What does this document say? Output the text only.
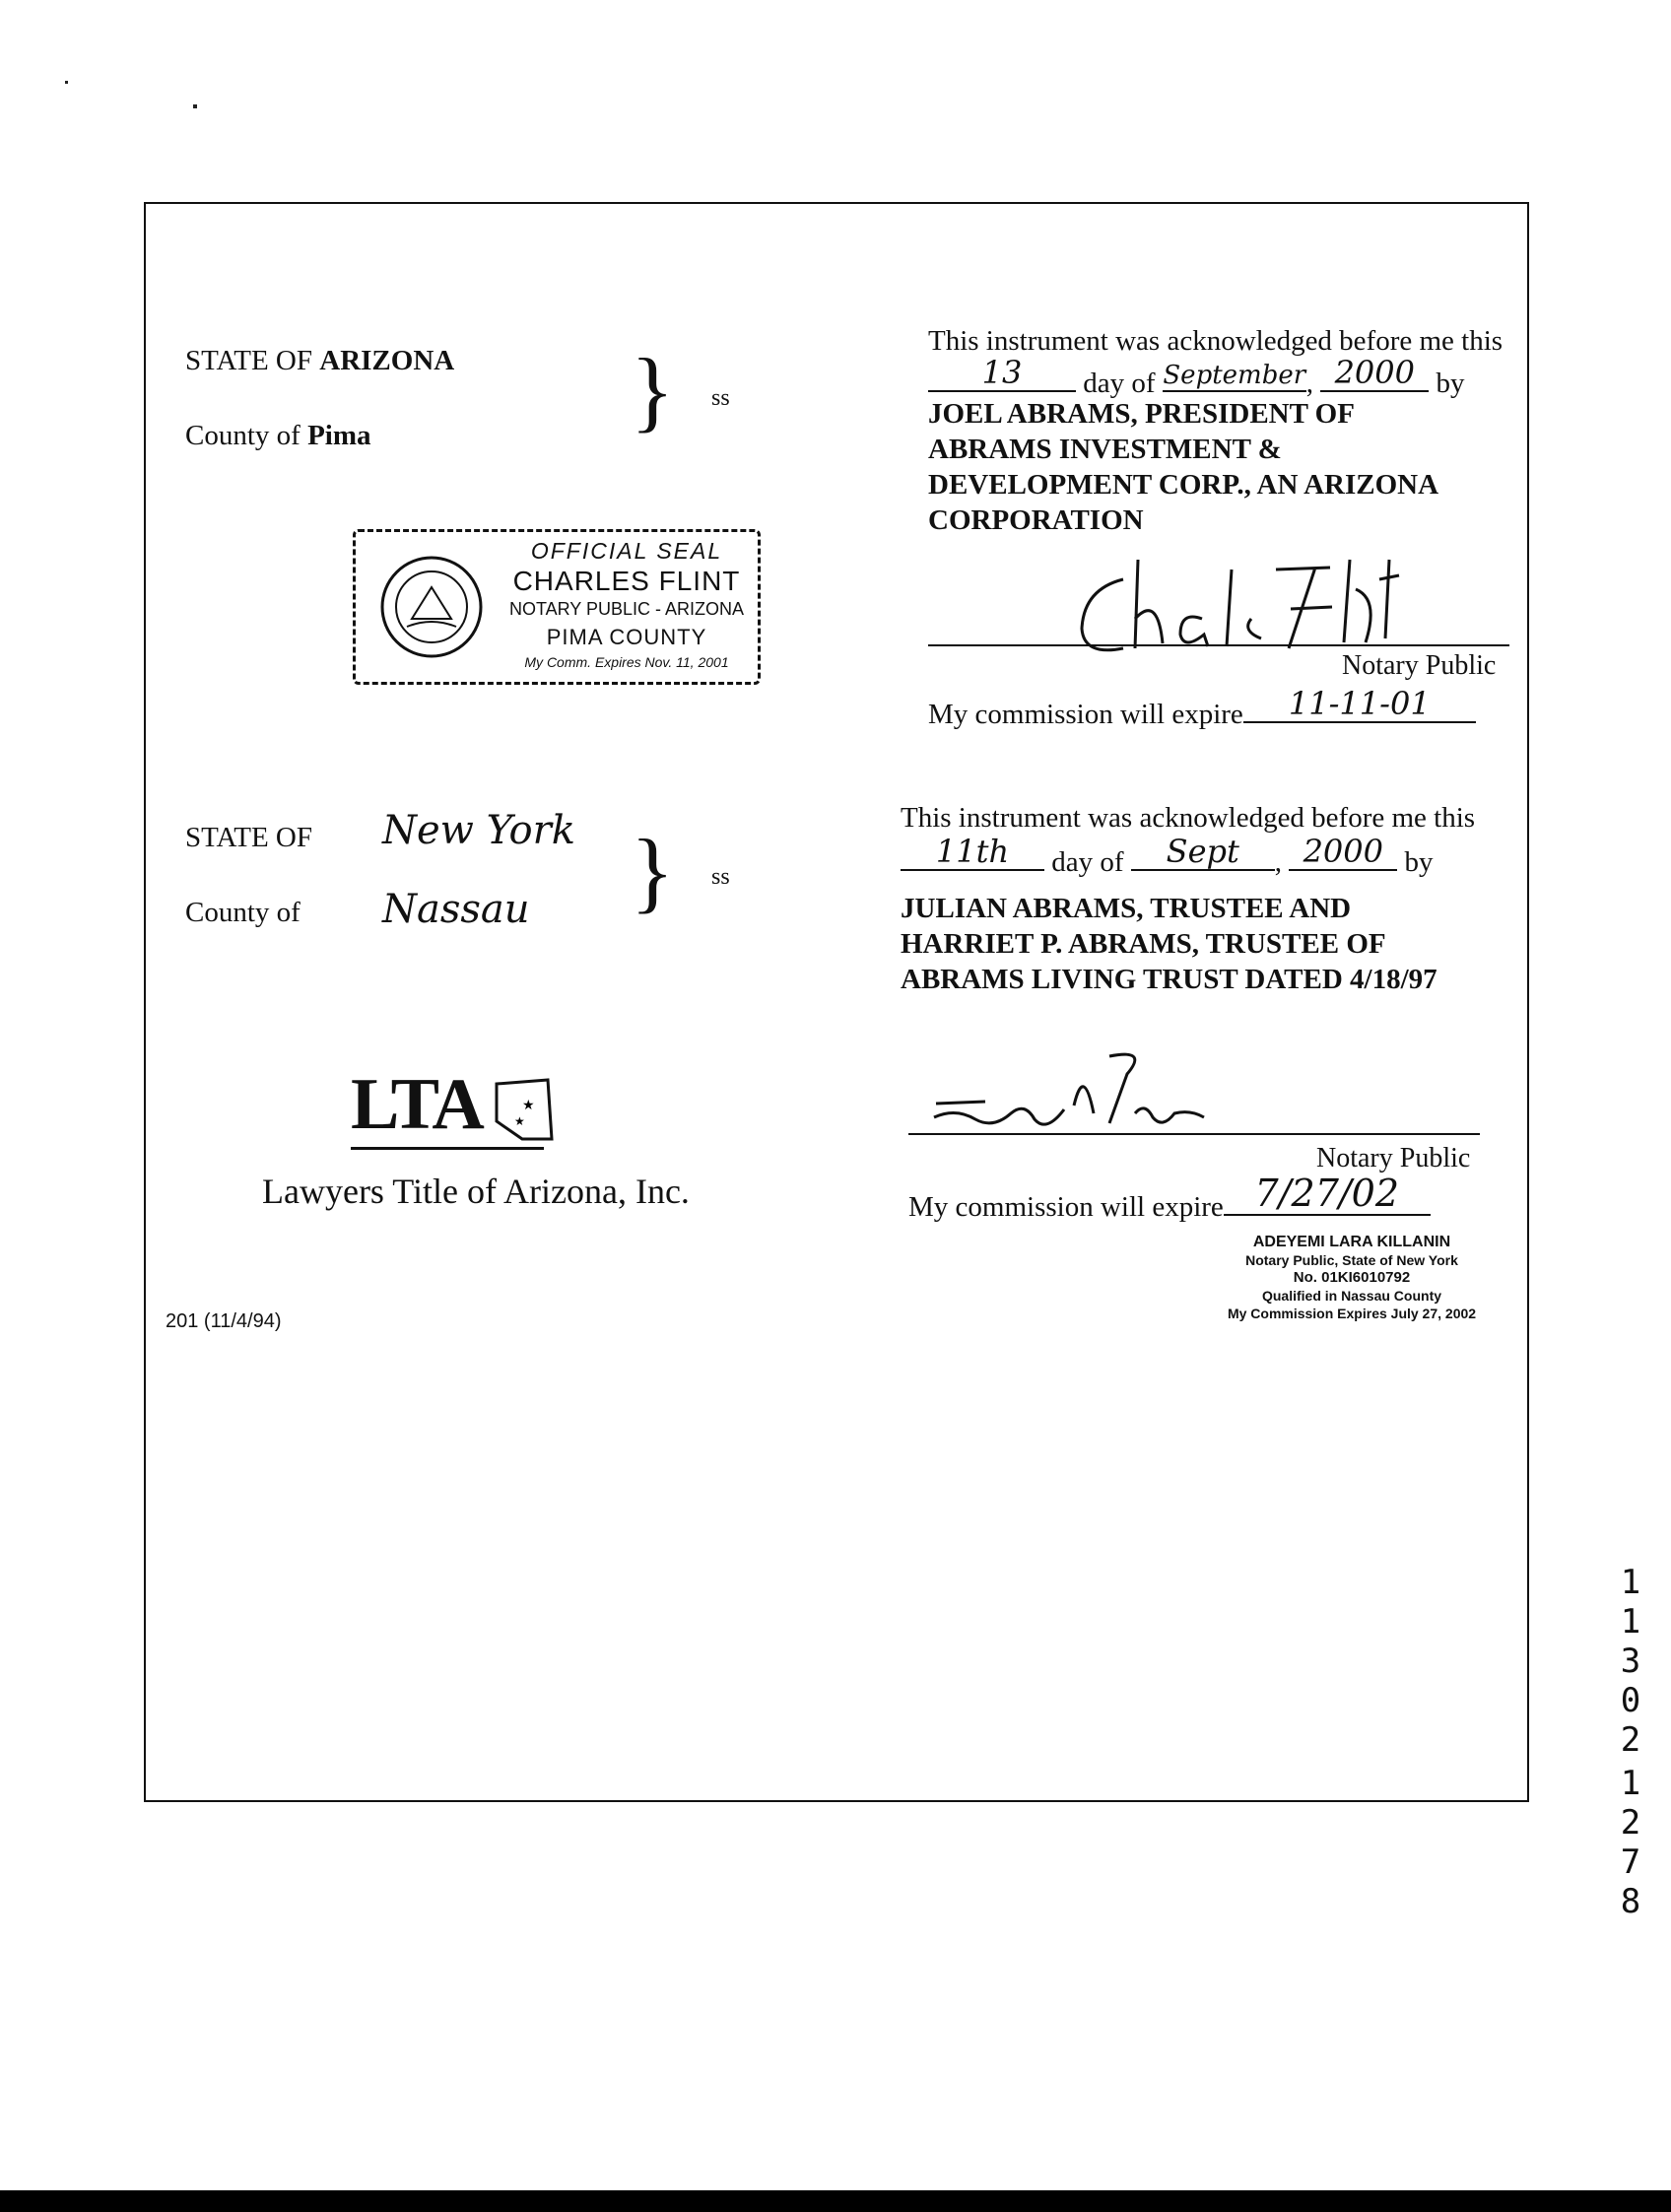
STATE OF ARIZONA
County of Pima	} ss
OFFICIAL SEAL
CHARLES FLINT
NOTARY PUBLIC - ARIZONA
PIMA COUNTY
My Comm. Expires Nov. 11, 2001
This instrument was acknowledged before me this
13	day of September , 2000 by
JOEL ABRAMS, PRESIDENT OF
ABRAMS INVESTMENT &
DEVELOPMENT CORP., AN ARIZONA
CORPORATION
Notary Public
My commission will expire	11-11-01
STATE OF New York
County of Nassau } ss
This instrument was acknowledged before me this
11th	day of	Sept	, 2000 by
JULIAN ABRAMS, TRUSTEE AND
HARRIET P. ABRAMS, TRUSTEE OF
ABRAMS LIVING TRUST DATED 4/18/97
Notary Public
My commission will expire 7/27/02
ADEYEMI LARA KILLANIN
Notary Public, State of New York
No. 01KI6010792
Qualified in Nassau County
My Commission Expires July 27, 2002
LTA	★
★
Lawyers Title of Arizona, Inc.
201 (11/4/94)
1
1
3
0
2
1
2
7
8
